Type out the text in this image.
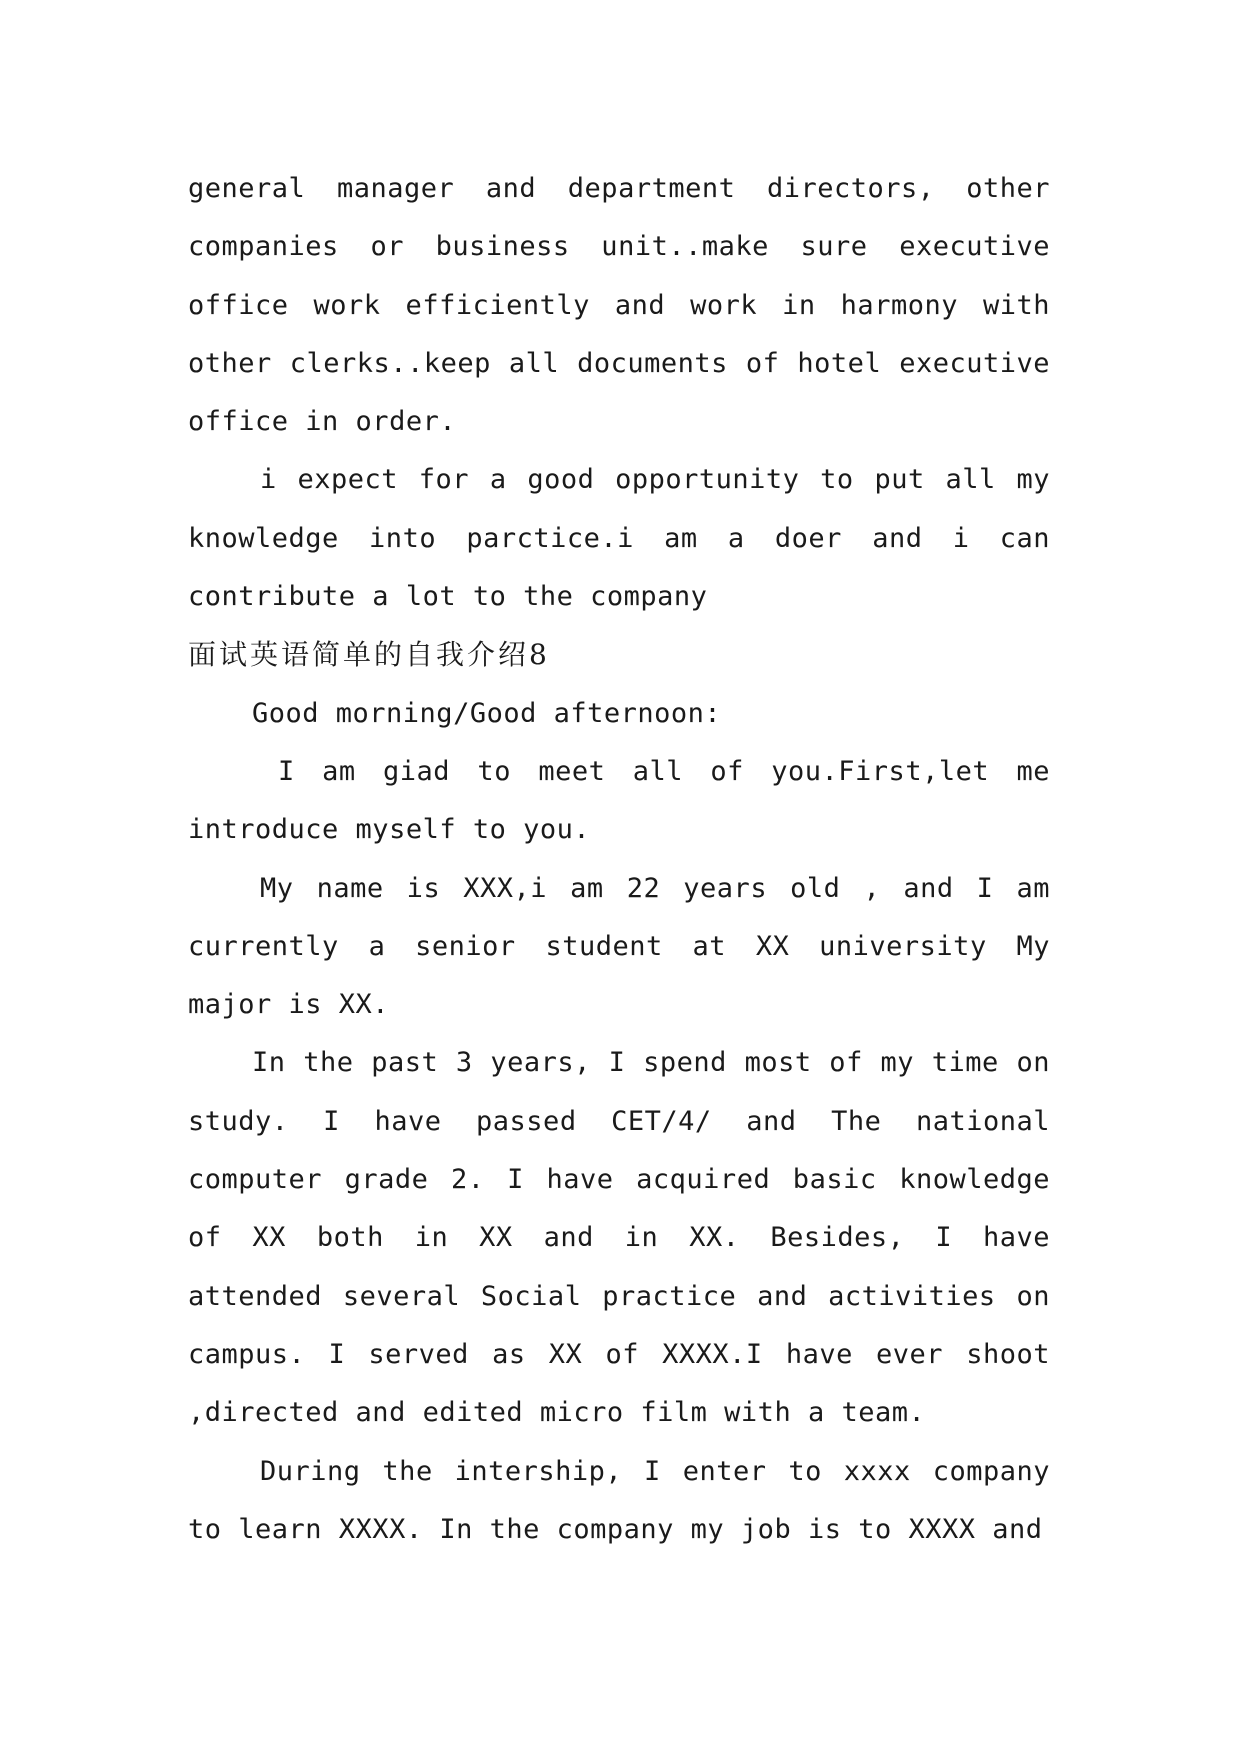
general manager and department directors, other companies or business unit..make sure executive office work efficiently and work in harmony with other clerks..keep all documents of hotel executive office in order.

i expect for a good opportunity to put all my knowledge into parctice.i am a doer and i can contribute a lot to the company

面试英语简单的自我介绍8

Good morning/Good afternoon:

I am giad to meet all of you.First,let me introduce myself to you.

My name is XXX,i am 22 years old , and I am currently a senior student at XX university My major is XX.

In the past 3 years, I spend most of my time on study. I have passed CET/4/ and The national computer grade 2. I have acquired basic knowledge of XX both in XX and in XX. Besides, I have attended several Social practice and activities on campus. I served as XX of XXXX.I have ever shoot ,directed and edited micro film with a team.

During the intership, I enter to xxxx company to learn XXXX. In the company my job is to XXXX and
